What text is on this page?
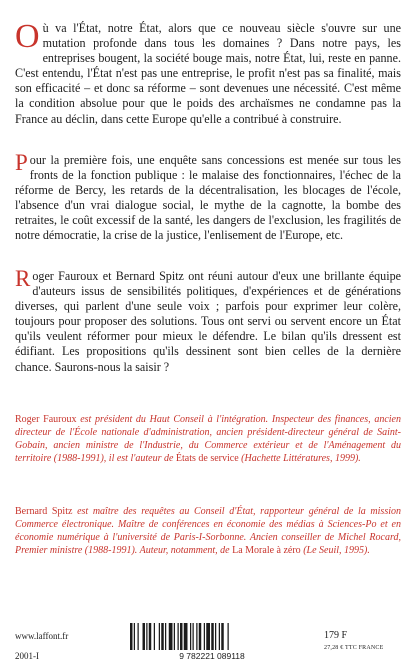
Où va l'État, notre État, alors que ce nouveau siècle s'ouvre sur une mutation profonde dans tous les domaines ? Dans notre pays, les entreprises bougent, la société bouge mais, notre État, lui, reste en panne. C'est entendu, l'État n'est pas une entreprise, le profit n'est pas sa finalité, mais son efficacité – et donc sa réforme – sont devenues une nécessité. C'est même la condition absolue pour que le poids des archaïsmes ne condamne pas la France au déclin, dans cette Europe qu'elle a contribué à construire.

Pour la première fois, une enquête sans concessions est menée sur tous les fronts de la fonction publique : le malaise des fonctionnaires, l'échec de la réforme de Bercy, les retards de la décentralisation, les blocages de l'école, l'absence d'un vrai dialogue social, le mythe de la cagnotte, la bombe des retraites, le coût excessif de la santé, les dangers de l'exclusion, les fragilités de notre démocratie, la crise de la justice, l'enlisement de l'Europe, etc.

Roger Fauroux et Bernard Spitz ont réuni autour d'eux une brillante équipe d'auteurs issus de sensibilités politiques, d'expériences et de générations diverses, qui parlent d'une seule voix ; parfois pour exprimer leur colère, toujours pour proposer des solutions. Tous ont servi ou servent encore un État qu'ils veulent réformer pour mieux le défendre. Le bilan qu'ils dressent est édifiant. Les propositions qu'ils dessinent sont bien celles de la dernière chance. Saurons-nous la saisir ?

Roger Fauroux est président du Haut Conseil à l'intégration. Inspecteur des finances, ancien directeur de l'École nationale d'administration, ancien président-directeur général de Saint-Gobain, ancien ministre de l'Industrie, du Commerce extérieur et de l'Aménagement du territoire (1988-1991), il est l'auteur de États de service (Hachette Littératures, 1999).
Bernard Spitz est maître des requêtes au Conseil d'État, rapporteur général de la mission Commerce électronique. Maître de conférences en économie des médias à Sciences-Po et en économie numérique à l'université de Paris-I-Sorbonne. Ancien conseiller de Michel Rocard, Premier ministre (1988-1991). Auteur, notamment, de La Morale à zéro (Le Seuil, 1995).
www.laffont.fr
2001-I	9 782221 089118
179 F
27,28 € TTC FRANCE
